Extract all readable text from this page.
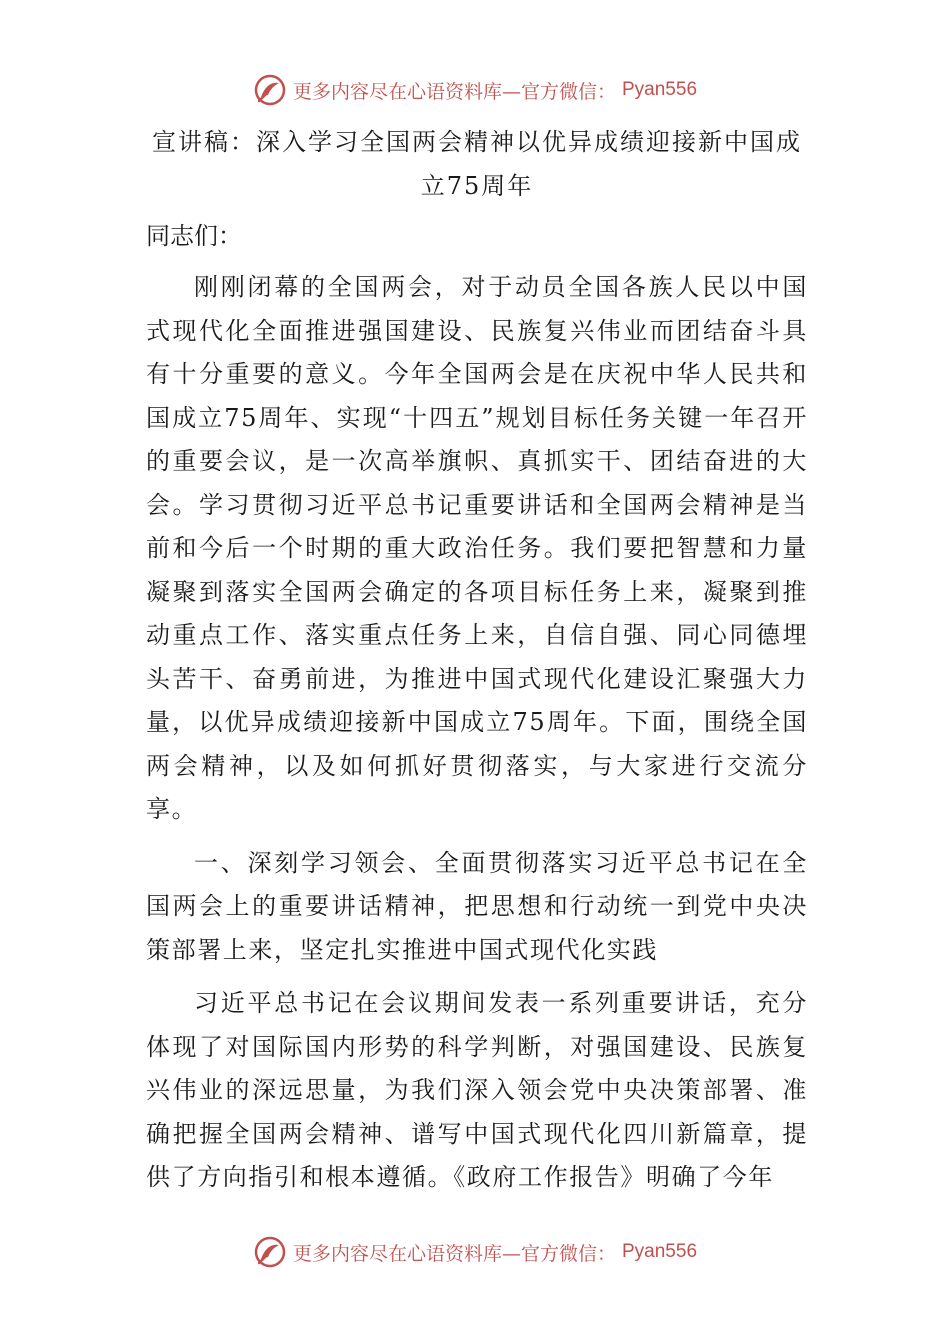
更多内容尽在心语资料库—官方微信： Pyan556
宣讲稿：深入学习全国两会精神以优异成绩迎接新中国成立75周年

同志们：

刚刚闭幕的全国两会，对于动员全国各族人民以中国式现代化全面推进强国建设、民族复兴伟业而团结奋斗具有十分重要的意义。今年全国两会是在庆祝中华人民共和国成立75周年、实现“十四五”规划目标任务关键一年召开的重要会议，是一次高举旗帜、真抓实干、团结奋进的大会。学习贯彻习近平总书记重要讲话和全国两会精神是当前和今后一个时期的重大政治任务。我们要把智慧和力量凝聚到落实全国两会确定的各项目标任务上来，凝聚到推动重点工作、落实重点任务上来，自信自强、同心同德埋头苦干、奋勇前进，为推进中国式现代化建设汇聚强大力量，以优异成绩迎接新中国成立75周年。下面，围绕全国两会精神，以及如何抓好贯彻落实，与大家进行交流分享。

一、深刻学习领会、全面贯彻落实习近平总书记在全国两会上的重要讲话精神，把思想和行动统一到党中央决策部署上来，坚定扎实推进中国式现代化实践

习近平总书记在会议期间发表一系列重要讲话，充分体现了对国际国内形势的科学判断，对强国建设、民族复兴伟业的深远思量，为我们深入领会党中央决策部署、准确把握全国两会精神、谱写中国式现代化四川新篇章，提供了方向指引和根本遵循。《政府工作报告》明确了今年

更多内容尽在心语资料库—官方微信： Pyan556
